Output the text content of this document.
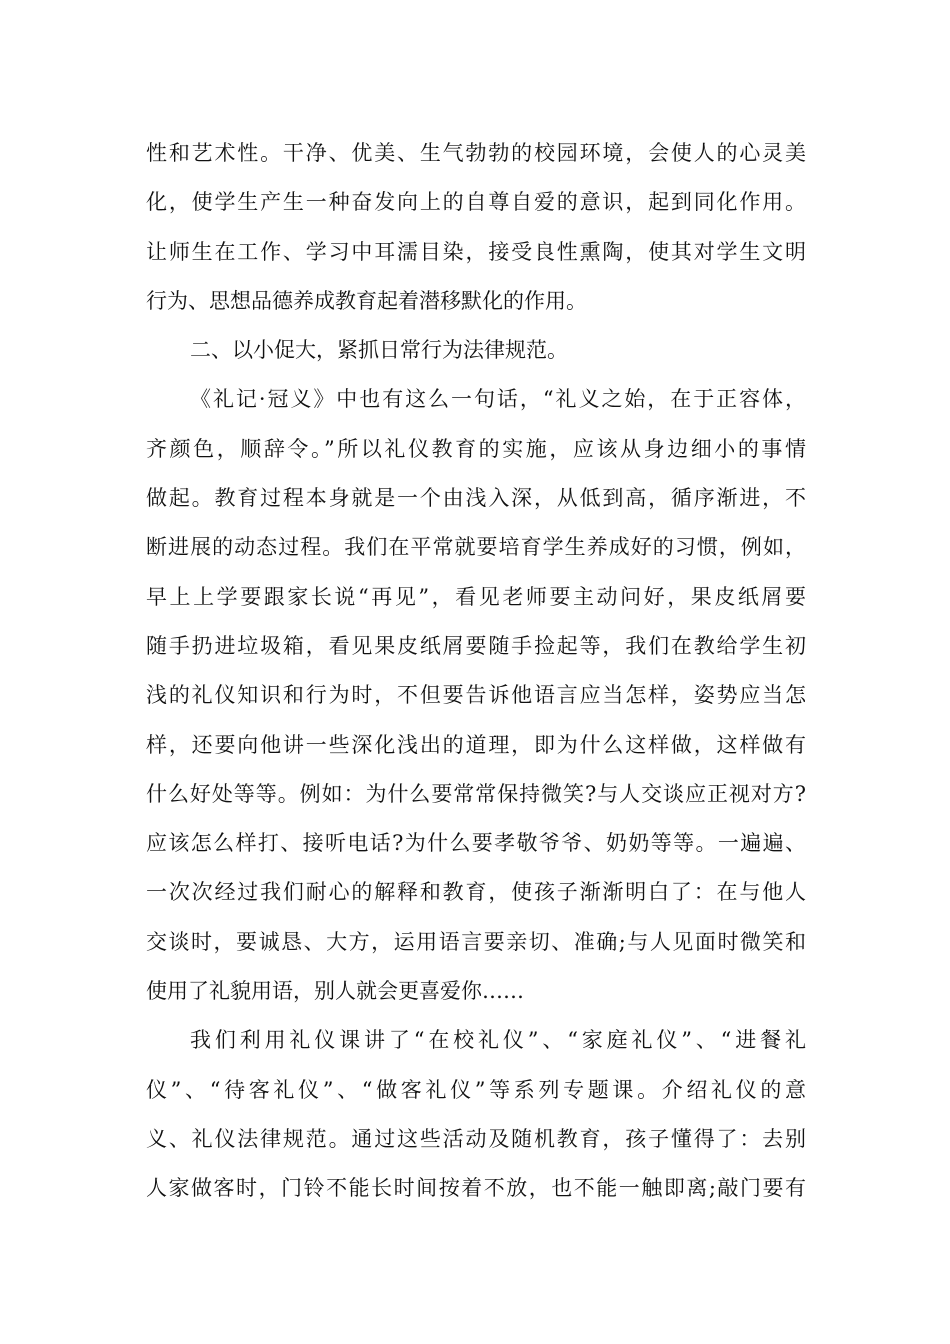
性和艺术性。干净、优美、生气勃勃的校园环境，会使人的心灵美
化，使学生产生一种奋发向上的自尊自爱的意识，起到同化作用。
让师生在工作、学习中耳濡目染，接受良性熏陶，使其对学生文明
行为、思想品德养成教育起着潜移默化的作用。
二、以小促大，紧抓日常行为法律规范。
《礼记·冠义》中也有这么一句话，“礼义之始，在于正容体，
齐颜色，顺辞令。”所以礼仪教育的实施，应该从身边细小的事情
做起。教育过程本身就是一个由浅入深，从低到高，循序渐进，不
断进展的动态过程。我们在平常就要培育学生养成好的习惯，例如，
早上上学要跟家长说“再见”，看见老师要主动问好，果皮纸屑要
随手扔进垃圾箱，看见果皮纸屑要随手捡起等，我们在教给学生初
浅的礼仪知识和行为时，不但要告诉他语言应当怎样，姿势应当怎
样，还要向他讲一些深化浅出的道理，即为什么这样做，这样做有
什么好处等等。例如：为什么要常常保持微笑?与人交谈应正视对方?
应该怎么样打、接听电话?为什么要孝敬爷爷、奶奶等等。一遍遍、
一次次经过我们耐心的解释和教育，使孩子渐渐明白了：在与他人
交谈时，要诚恳、大方，运用语言要亲切、准确;与人见面时微笑和
使用了礼貌用语，别人就会更喜爱你……
我们利用礼仪课讲了“在校礼仪”、“家庭礼仪”、“进餐礼
仪”、“待客礼仪”、“做客礼仪”等系列专题课。介绍礼仪的意
义、礼仪法律规范。通过这些活动及随机教育，孩子懂得了：去别
人家做客时，门铃不能长时间按着不放，也不能一触即离;敲门要有
